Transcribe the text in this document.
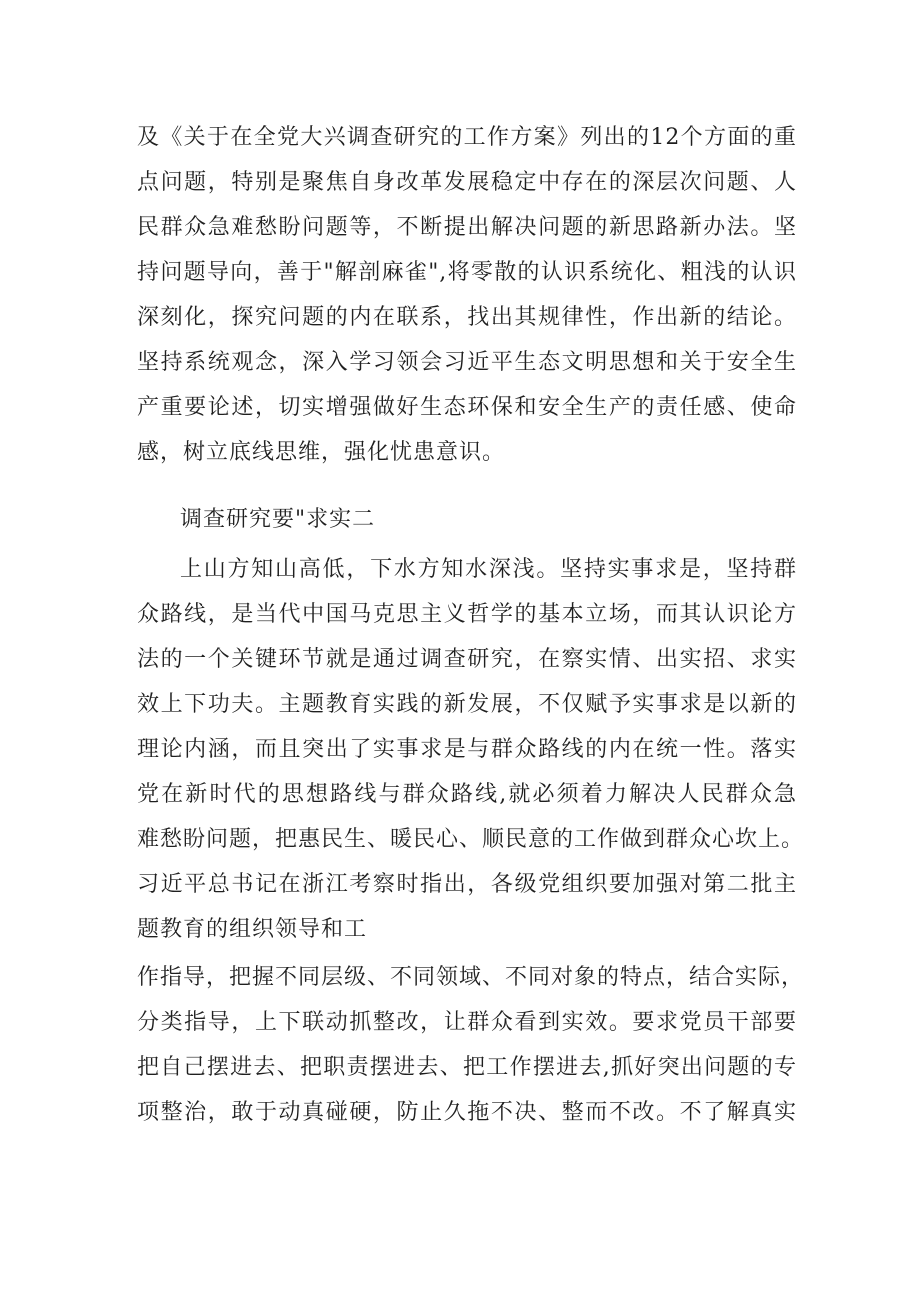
及《关于在全党大兴调查研究的工作方案》列出的12个方面的重
点问题，特别是聚焦自身改革发展稳定中存在的深层次问题、人
民群众急难愁盼问题等，不断提出解决问题的新思路新办法。坚
持问题导向，善于"解剖麻雀",将零散的认识系统化、粗浅的认识
深刻化，探究问题的内在联系，找出其规律性，作出新的结论。
坚持系统观念，深入学习领会习近平生态文明思想和关于安全生
产重要论述，切实增强做好生态环保和安全生产的责任感、使命
感，树立底线思维，强化忧患意识。
调查研究要"求实二
上山方知山高低，下水方知水深浅。坚持实事求是，坚持群
众路线，是当代中国马克思主义哲学的基本立场，而其认识论方
法的一个关键环节就是通过调查研究，在察实情、出实招、求实
效上下功夫。主题教育实践的新发展，不仅赋予实事求是以新的
理论内涵，而且突出了实事求是与群众路线的内在统一性。落实
党在新时代的思想路线与群众路线,就必须着力解决人民群众急
难愁盼问题，把惠民生、暖民心、顺民意的工作做到群众心坎上。
习近平总书记在浙江考察时指出，各级党组织要加强对第二批主
题教育的组织领导和工
作指导，把握不同层级、不同领域、不同对象的特点，结合实际，
分类指导，上下联动抓整改，让群众看到实效。要求党员干部要
把自己摆进去、把职责摆进去、把工作摆进去,抓好突出问题的专
项整治，敢于动真碰硬，防止久拖不决、整而不改。不了解真实
